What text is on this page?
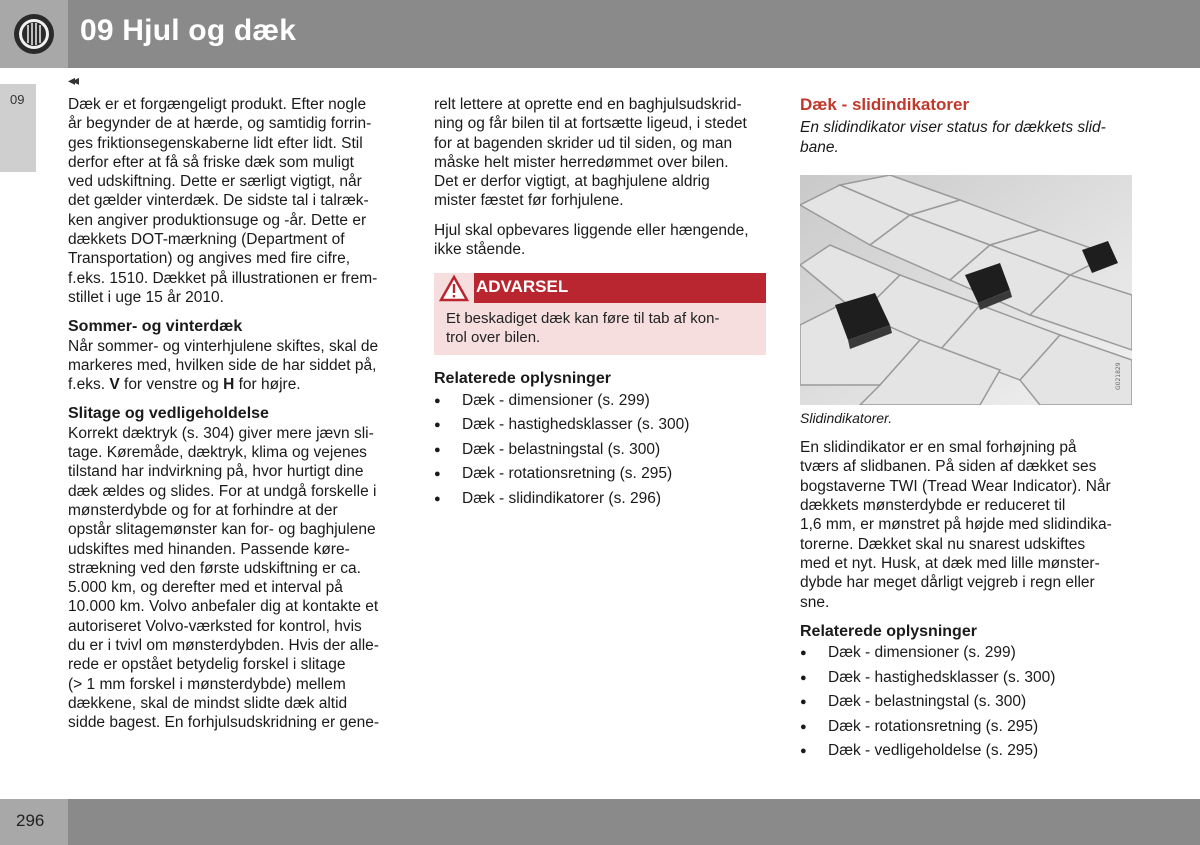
09 Hjul og dæk
09
◂◂

Dæk er et forgængeligt produkt. Efter nogle
år begynder de at hærde, og samtidig forrin-
ges friktionsegenskaberne lidt efter lidt. Stil
derfor efter at få så friske dæk som muligt
ved udskiftning. Dette er særligt vigtigt, når
det gælder vinterdæk. De sidste tal i talræk-
ken angiver produktionsuge og -år. Dette er
dækkets DOT-mærkning (Department of
Transportation) og angives med fire cifre,
f.eks. 1510. Dækket på illustrationen er frem-
stillet i uge 15 år 2010.

Sommer- og vinterdæk
Når sommer- og vinterhjulene skiftes, skal de
markeres med, hvilken side de har siddet på,
f.eks. V for venstre og H for højre.

Slitage og vedligeholdelse
Korrekt dæktryk (s. 304) giver mere jævn sli-
tage. Køremåde, dæktryk, klima og vejenes
tilstand har indvirkning på, hvor hurtigt dine
dæk ældes og slides. For at undgå forskelle i
mønsterdybde og for at forhindre at der
opstår slitagemønster kan for- og baghjulene
udskiftes med hinanden. Passende køre-
strækning ved den første udskiftning er ca.
5.000 km, og derefter med et interval på
10.000 km. Volvo anbefaler dig at kontakte et
autoriseret Volvo-værksted for kontrol, hvis
du er i tvivl om mønsterdybden. Hvis der alle-
rede er opstået betydelig forskel i slitage
(> 1 mm forskel i mønsterdybde) mellem
dækkene, skal de mindst slidte dæk altid
sidde bagest. En forhjulsudskridning er gene-

relt lettere at oprette end en baghjulsudskrid-
ning og får bilen til at fortsætte ligeud, i stedet
for at bagenden skrider ud til siden, og man
måske helt mister herredømmet over bilen.
Det er derfor vigtigt, at baghjulene aldrig
mister fæstet før forhjulene.

Hjul skal opbevares liggende eller hængende,
ikke stående.

ADVARSEL
Et beskadiget dæk kan føre til tab af kon-
trol over bilen.
Relaterede oplysninger
● Dæk - dimensioner (s. 299)
● Dæk - hastighedsklasser (s. 300)
● Dæk - belastningstal (s. 300)
● Dæk - rotationsretning (s. 295)
● Dæk - slidindikatorer (s. 296)
Dæk - slidindikatorer
En slidindikator viser status for dækkets slid-
bane.
G021829
Slidindikatorer.

En slidindikator er en smal forhøjning på
tværs af slidbanen. På siden af dækket ses
bogstaverne TWI (Tread Wear Indicator). Når
dækkets mønsterdybde er reduceret til
1,6 mm, er mønstret på højde med slidindika-
torerne. Dækket skal nu snarest udskiftes
med et nyt. Husk, at dæk med lille mønster-
dybde har meget dårligt vejgreb i regn eller
sne.

Relaterede oplysninger
● Dæk - dimensioner (s. 299)
● Dæk - hastighedsklasser (s. 300)
● Dæk - belastningstal (s. 300)
● Dæk - rotationsretning (s. 295)
● Dæk - vedligeholdelse (s. 295)
296
